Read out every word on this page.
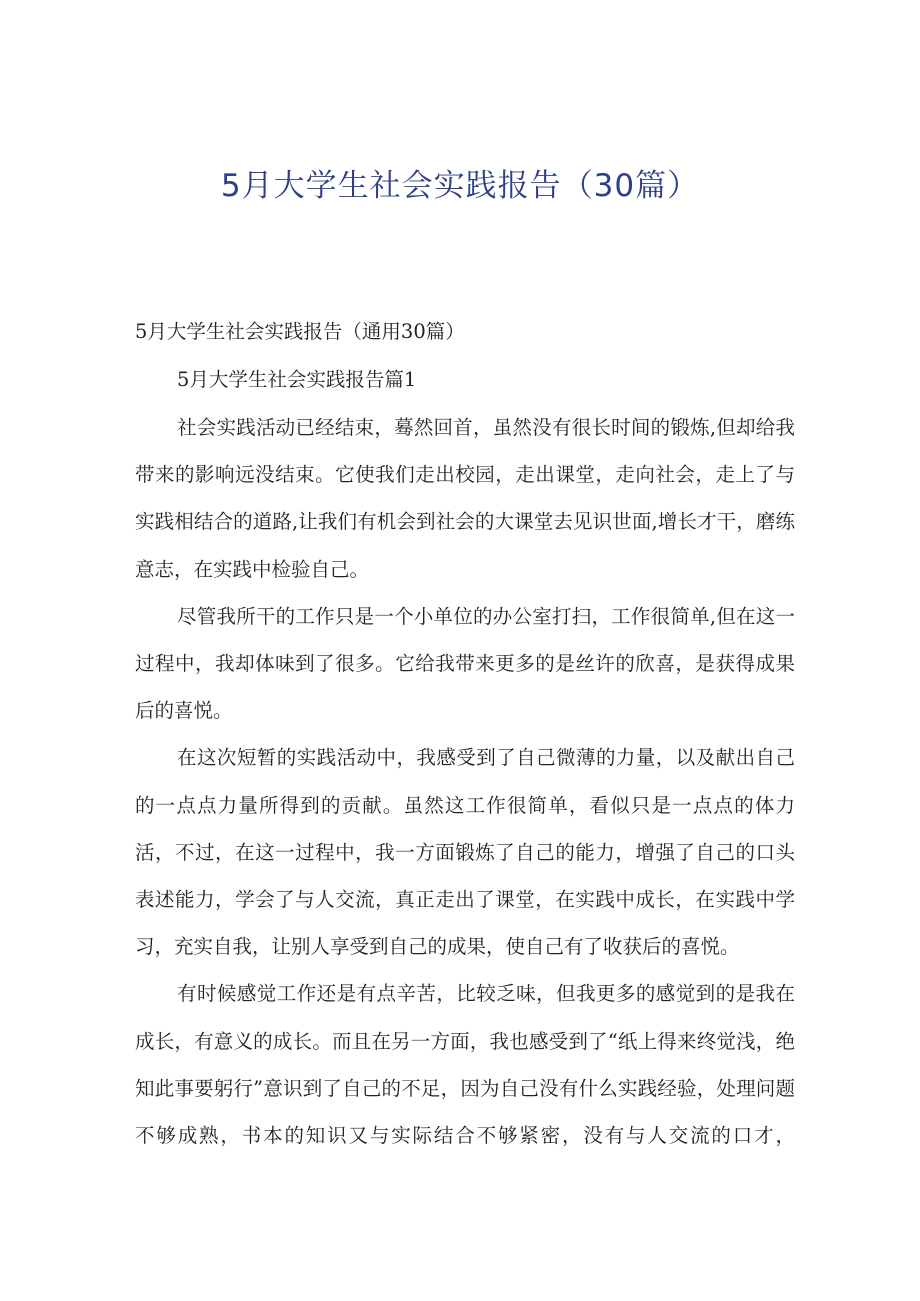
5月大学生社会实践报告（30篇）

5月大学生社会实践报告（通用30篇）

5月大学生社会实践报告篇1

社会实践活动已经结束，蓦然回首，虽然没有很长时间的锻炼,但却给我带来的影响远没结束。它使我们走出校园，走出课堂，走向社会，走上了与实践相结合的道路,让我们有机会到社会的大课堂去见识世面,增长才干，磨练意志，在实践中检验自己。

尽管我所干的工作只是一个小单位的办公室打扫，工作很简单,但在这一过程中，我却体味到了很多。它给我带来更多的是丝许的欣喜，是获得成果后的喜悦。

在这次短暂的实践活动中，我感受到了自己微薄的力量，以及献出自己的一点点力量所得到的贡献。虽然这工作很简单，看似只是一点点的体力活，不过，在这一过程中，我一方面锻炼了自己的能力，增强了自己的口头表述能力，学会了与人交流，真正走出了课堂，在实践中成长，在实践中学习，充实自我，让别人享受到自己的成果，使自己有了收获后的喜悦。

有时候感觉工作还是有点辛苦，比较乏味，但我更多的感觉到的是我在成长，有意义的成长。而且在另一方面，我也感受到了“纸上得来终觉浅，绝知此事要躬行”意识到了自己的不足，因为自己没有什么实践经验，处理问题不够成熟，书本的知识又与实际结合不够紧密，没有与人交流的口才，
